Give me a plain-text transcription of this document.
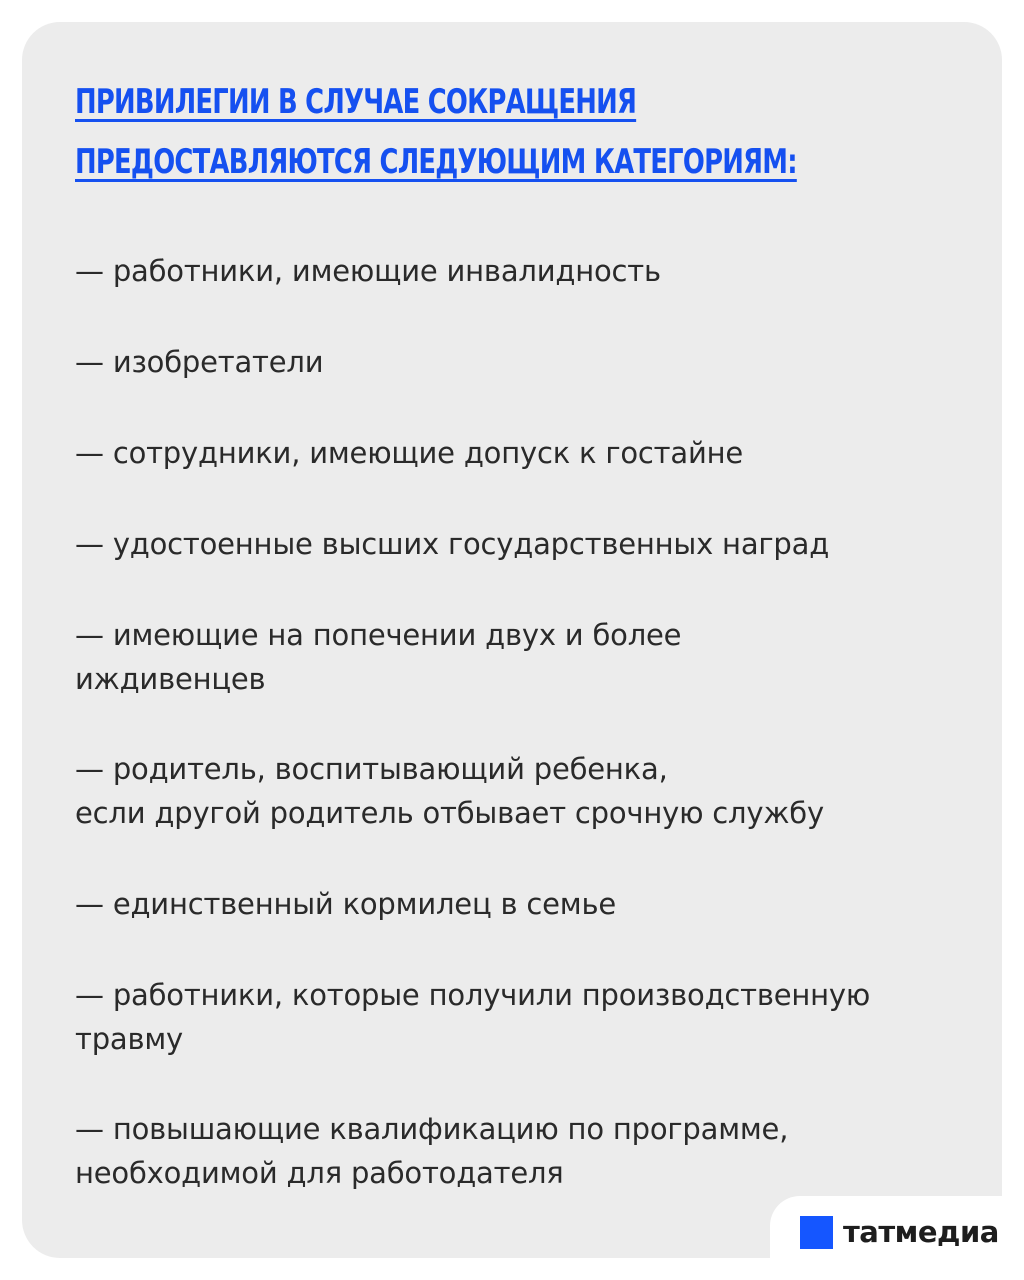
ПРИВИЛЕГИИ В СЛУЧАЕ СОКРАЩЕНИЯ
ПРЕДОСТАВЛЯЮТСЯ СЛЕДУЮЩИМ КАТЕГОРИЯМ:

— работники, имеющие инвалидность

— изобретатели

— сотрудники, имеющие допуск к гостайне

— удостоенные высших государственных наград

— имеющие на попечении двух и более
иждивенцев

— родитель, воспитывающий ребенка,
если другой родитель отбывает срочную службу

— единственный кормилец в семье

— работники, которые получили производственную
травму

— повышающие квалификацию по программе,
необходимой для работодателя

татмедиа
